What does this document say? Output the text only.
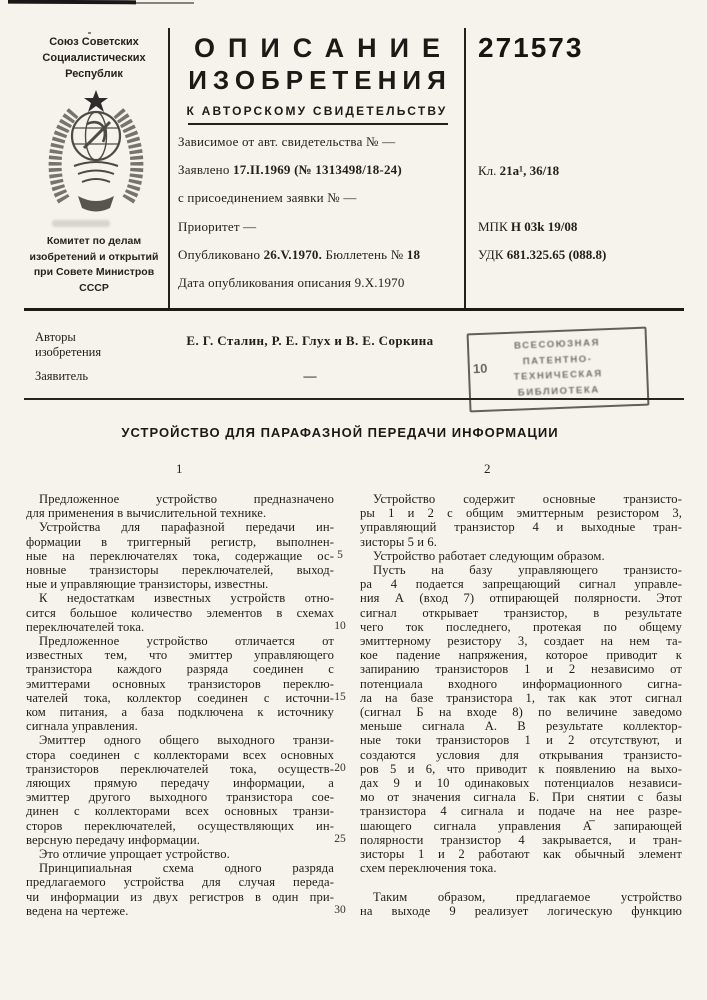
Союз Советских
Социалистических
Республик
Комитет по делам
изобретений и открытий
при Совете Министров
СССР
ОПИСАНИЕ
ИЗОБРЕТЕНИЯ
К АВТОРСКОМУ СВИДЕТЕЛЬСТВУ
Зависимое от авт. свидетельства № —
Заявлено 17.II.1969 (№ 1313498/18-24)
с присоединением заявки № —
Приоритет —
Опубликовано 26.V.1970. Бюллетень № 18
Дата опубликования описания 9.X.1970
271573
Кл. 21a¹, 36/18
МПК H 03k 19/08
УДК 681.325.65 (088.8)
Авторы
изобретения
Е. Г. Сталин, Р. Е. Глух и В. Е. Соркина
Заявитель	—	10
ВСЕСОЮЗНАЯ
ПАТЕНТНО-
ТЕХНИЧЕСКАЯ
БИБЛИОТЕКА
УСТРОЙСТВО ДЛЯ ПАРАФАЗНОЙ ПЕРЕДАЧИ ИНФОРМАЦИИ
1	2
Предложенное устройство предназначено
для применения в вычислительной технике.
Устройства для парафазной передачи ин-
формации в триггерный регистр, выполнен-
ные на переключателях тока, содержащие ос-
новные транзисторы переключателей, выход-
ные и управляющие транзисторы, известны.
К недостаткам известных устройств отно-
сится большое количество элементов в схемах
переключателей тока.
Предложенное устройство отличается от
известных тем, что эмиттер управляющего
транзистора каждого разряда соединен с
эмиттерами основных транзисторов переклю-
чателей тока, коллектор соединен с источни-
ком питания, а база подключена к источнику
сигнала управления.
Эмиттер одного общего выходного транзи-
стора соединен с коллекторами всех основных
транзисторов переключателей тока, осуществ-
ляющих прямую передачу информации, а
эмиттер другого выходного транзистора сое-
динен с коллекторами всех основных транзи-
сторов переключателей, осуществляющих ин-
версную передачу информации.
Это отличие упрощает устройство.
Принципиальная схема одного разряда
предлагаемого устройства для случая переда-
чи информации из двух регистров в один при-
ведена на чертеже.
5
10
15
20
25
30
Устройство содержит основные транзисто-
ры 1 и 2 с общим эмиттерным резистором 3,
управляющий транзистор 4 и выходные тран-
зисторы 5 и 6.
Устройство работает следующим образом.
Пусть на базу управляющего транзисто-
ра 4 подается запрещающий сигнал управле-
ния А (вход 7) отпирающей полярности. Этот
сигнал открывает транзистор, в результате
чего ток последнего, протекая по общему
эмиттерному резистору 3, создает на нем та-
кое падение напряжения, которое приводит к
запиранию транзисторов 1 и 2 независимо от
потенциала входного информационного сигна-
ла на базе транзистора 1, так как этот сигнал
(сигнал Б на входе 8) по величине заведомо
меньше сигнала А. В результате коллектор-
ные токи транзисторов 1 и 2 отсутствуют, и
создаются условия для открывания транзисто-
ров 5 и 6, что приводит к появлению на выхо-
дах 9 и 10 одинаковых потенциалов независи-
мо от значения сигнала Б. При снятии с базы
транзистора 4 сигнала и подаче на нее разре-
шающего сигнала управления А̅ запирающей
полярности транзистор 4 закрывается, и тран-
зисторы 1 и 2 работают как обычный элемент
схем переключения тока.
Таким образом, предлагаемое устройство
на выходе 9 реализует логическую функцию
